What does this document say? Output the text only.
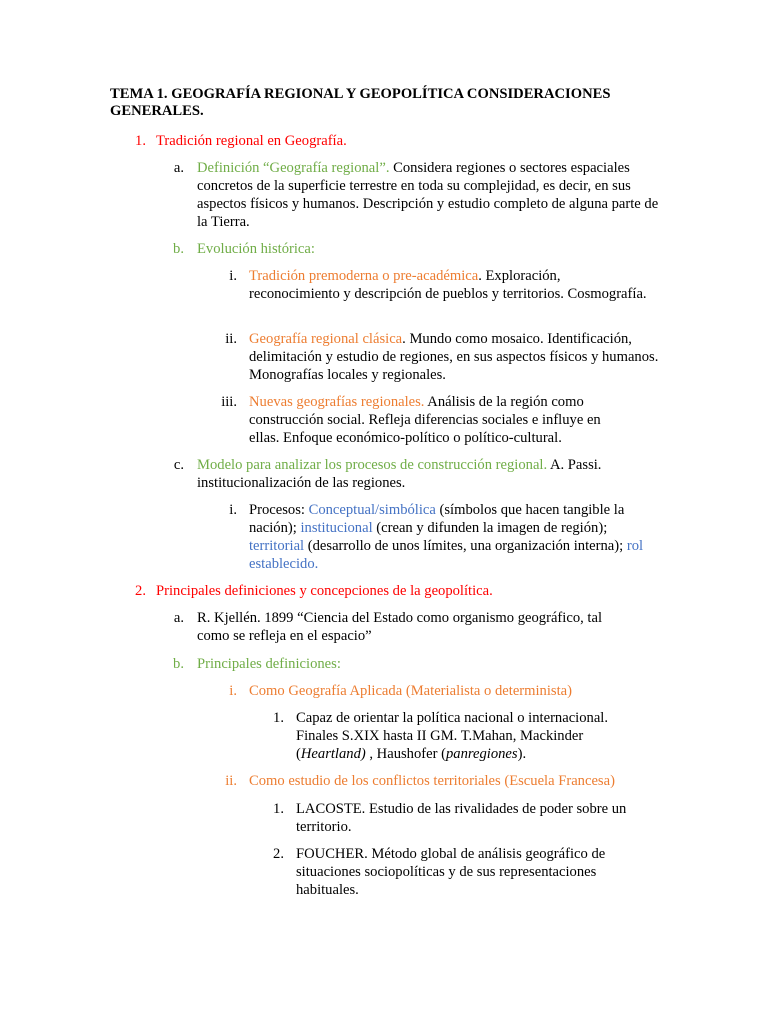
TEMA 1. GEOGRAFÍA REGIONAL Y GEOPOLÍTICA CONSIDERACIONES GENERALES.
1. Tradición regional en Geografía.
a. Definición “Geografía regional”. Considera regiones o sectores espaciales concretos de la superficie terrestre en toda su complejidad, es decir, en sus aspectos físicos y humanos. Descripción y estudio completo de alguna parte de la Tierra.
b. Evolución histórica:
i. Tradición premoderna o pre-académica. Exploración, reconocimiento y descripción de pueblos y territorios. Cosmografía.
ii. Geografía regional clásica. Mundo como mosaico. Identificación, delimitación y estudio de regiones, en sus aspectos físicos y humanos. Monografías locales y regionales.
iii. Nuevas geografías regionales. Análisis de la región como construcción social. Refleja diferencias sociales e influye en ellas. Enfoque económico-político o político-cultural.
c. Modelo para analizar los procesos de construcción regional. A. Passi. institucionalización de las regiones.
i. Procesos: Conceptual/simbólica (símbolos que hacen tangible la nación); institucional (crean y difunden la imagen de región); territorial (desarrollo de unos límites, una organización interna); rol establecido.
2. Principales definiciones y concepciones de la geopolítica.
a. R. Kjellén. 1899 “Ciencia del Estado como organismo geográfico, tal como se refleja en el espacio”
b. Principales definiciones:
i. Como Geografía Aplicada (Materialista o determinista)
1. Capaz de orientar la política nacional o internacional. Finales S.XIX hasta II GM. T.Mahan, Mackinder (Heartland) , Haushofer (panregiones).
ii. Como estudio de los conflictos territoriales (Escuela Francesa)
1. LACOSTE. Estudio de las rivalidades de poder sobre un territorio.
2. FOUCHER. Método global de análisis geográfico de situaciones sociopolíticas y de sus representaciones habituales.
